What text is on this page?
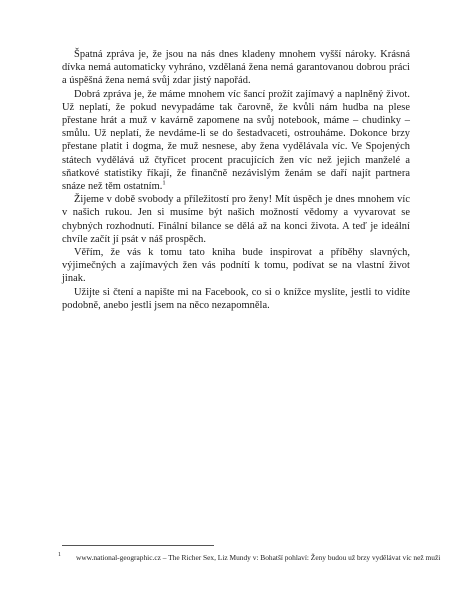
Špatná zpráva je, že jsou na nás dnes kladeny mnohem vyšší nároky. Krásná dívka nemá automaticky vyhráno, vzdělaná žena nemá garantovanou dobrou práci a úspěšná žena nemá svůj zdar jistý napořád.

Dobrá zpráva je, že máme mnohem víc šancí prožít zajímavý a naplněný život. Už neplatí, že pokud nevypadáme tak čarovně, že kvůli nám hudba na plese přestane hrát a muž v kavárně zapomene na svůj notebook, máme – chudinky – smůlu. Už neplatí, že nevdáme-li se do šestadvaceti, ostrouháme. Dokonce brzy přestane platit i dogma, že muž nesnese, aby žena vydělávala víc. Ve Spojených státech vydělává už čtyřicet procent pracujících žen víc než jejich manželé a sňatkové statistiky říkají, že finančně nezávislým ženám se daří najít partnera snáze než těm ostatním.$^1$

Žijeme v době svobody a příležitostí pro ženy! Mít úspěch je dnes mnohem víc v našich rukou. Jen si musíme být našich možností vědomy a vyvarovat se chybných rozhodnutí. Finální bilance se dělá až na konci života. A teď je ideální chvíle začít jí psát v náš prospěch.

Věřím, že vás k tomu tato kniha bude inspirovat a příběhy slavných, výjimečných a zajímavých žen vás podnítí k tomu, podívat se na vlastní život jinak.

Užijte si čtení a napište mi na Facebook, co si o knížce myslíte, jestli to vidíte podobně, anebo jestli jsem na něco nezapomněla.

1 www.national-geographic.cz – The Richer Sex, Liz Mundy v: Bohatší pohlaví: Ženy budou už brzy vydělávat víc než muži
